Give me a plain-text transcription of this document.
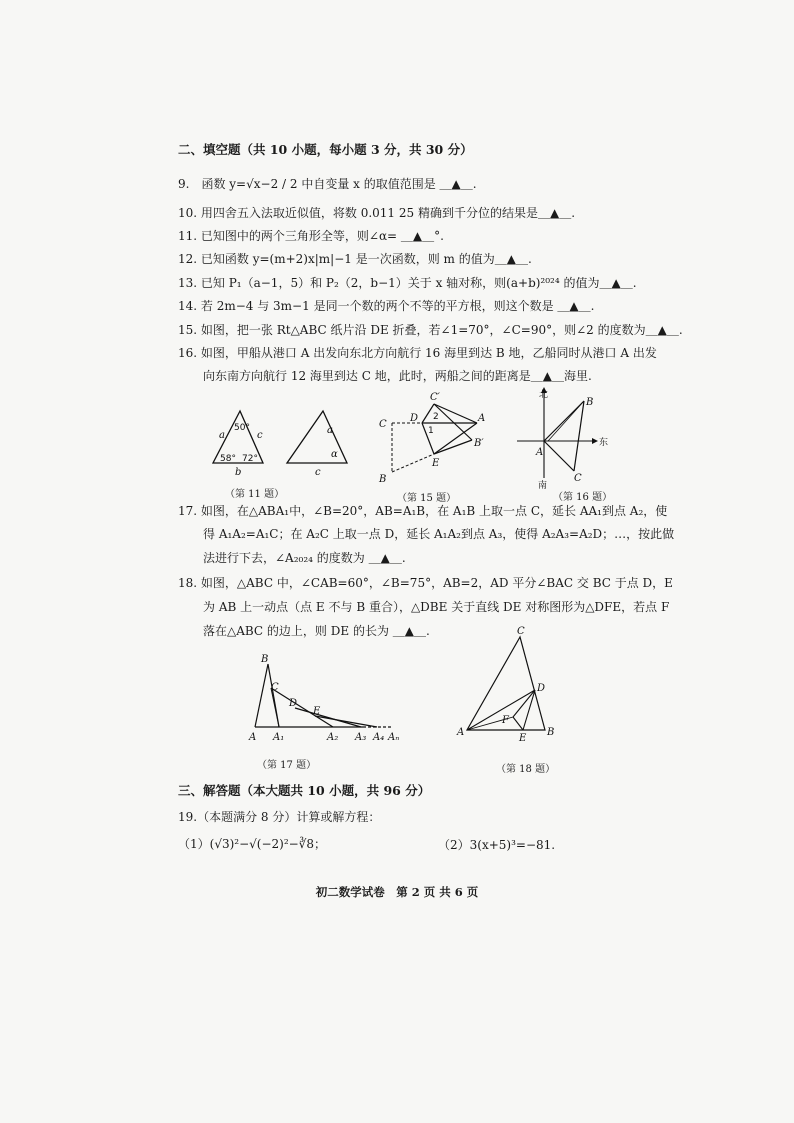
二、填空题（共 10 小题，每小题 3 分，共 30 分）
9.　函数 y=√x−2 / 2 中自变量 x 的取值范围是 ＿▲＿.
10. 用四舍五入法取近似值，将数 0.011 25 精确到千分位的结果是＿▲＿.
11. 已知图中的两个三角形全等，则∠α= ＿▲＿°.
12. 已知函数 y=(m+2)x|m|−1 是一次函数，则 m 的值为＿▲＿.
13. 已知 P₁（a−1，5）和 P₂（2，b−1）关于 x 轴对称，则(a+b)²⁰²⁴ 的值为＿▲＿.
14. 若 2m−4 与 3m−1 是同一个数的两个不等的平方根，则这个数是 ＿▲＿.
15. 如图，把一张 Rt△ABC 纸片沿 DE 折叠，若∠1=70°，∠C=90°，则∠2 的度数为＿▲＿.
16. 如图，甲船从港口 A 出发向东北方向航行 16 海里到达 B 地，乙船同时从港口 A 出发
向东南方向航行 12 海里到达 C 地，此时，两船之间的距离是＿▲＿海里.
a	c
b
50°
58° 72°
a
α
c
（第 11 题）
C
B
D
C′
A
B′
E
1
2
（第 15 题）
北
东
南
A
B
C
（第 16 题）
17. 如图，在△ABA₁中，∠B=20°，AB=A₁B，在 A₁B 上取一点 C，延长 AA₁到点 A₂，使
得 A₁A₂=A₁C；在 A₂C 上取一点 D，延长 A₁A₂到点 A₃，使得 A₂A₃=A₂D；…，按此做
法进行下去，∠A₂₀₂₄ 的度数为 ＿▲＿.
18. 如图，△ABC 中，∠CAB=60°，∠B=75°，AB=2，AD 平分∠BAC 交 BC 于点 D，E
为 AB 上一动点（点 E 不与 B 重合），△DBE 关于直线 DE 对称图形为△DFE，若点 F
落在△ABC 的边上，则 DE 的长为 ＿▲＿.
B
C
D
E
A A₁	A₂ A₃ A₄ Aₙ
（第 17 题）
C
D
A	B
E
F
（第 18 题）
三、解答题（本大题共 10 小题，共 96 分）
19.（本题满分 8 分）计算或解方程：
（1）(√3)²−√(−2)²−∛8；	（2）3(x+5)³=−81.
初二数学试卷　第 2 页 共 6 页
